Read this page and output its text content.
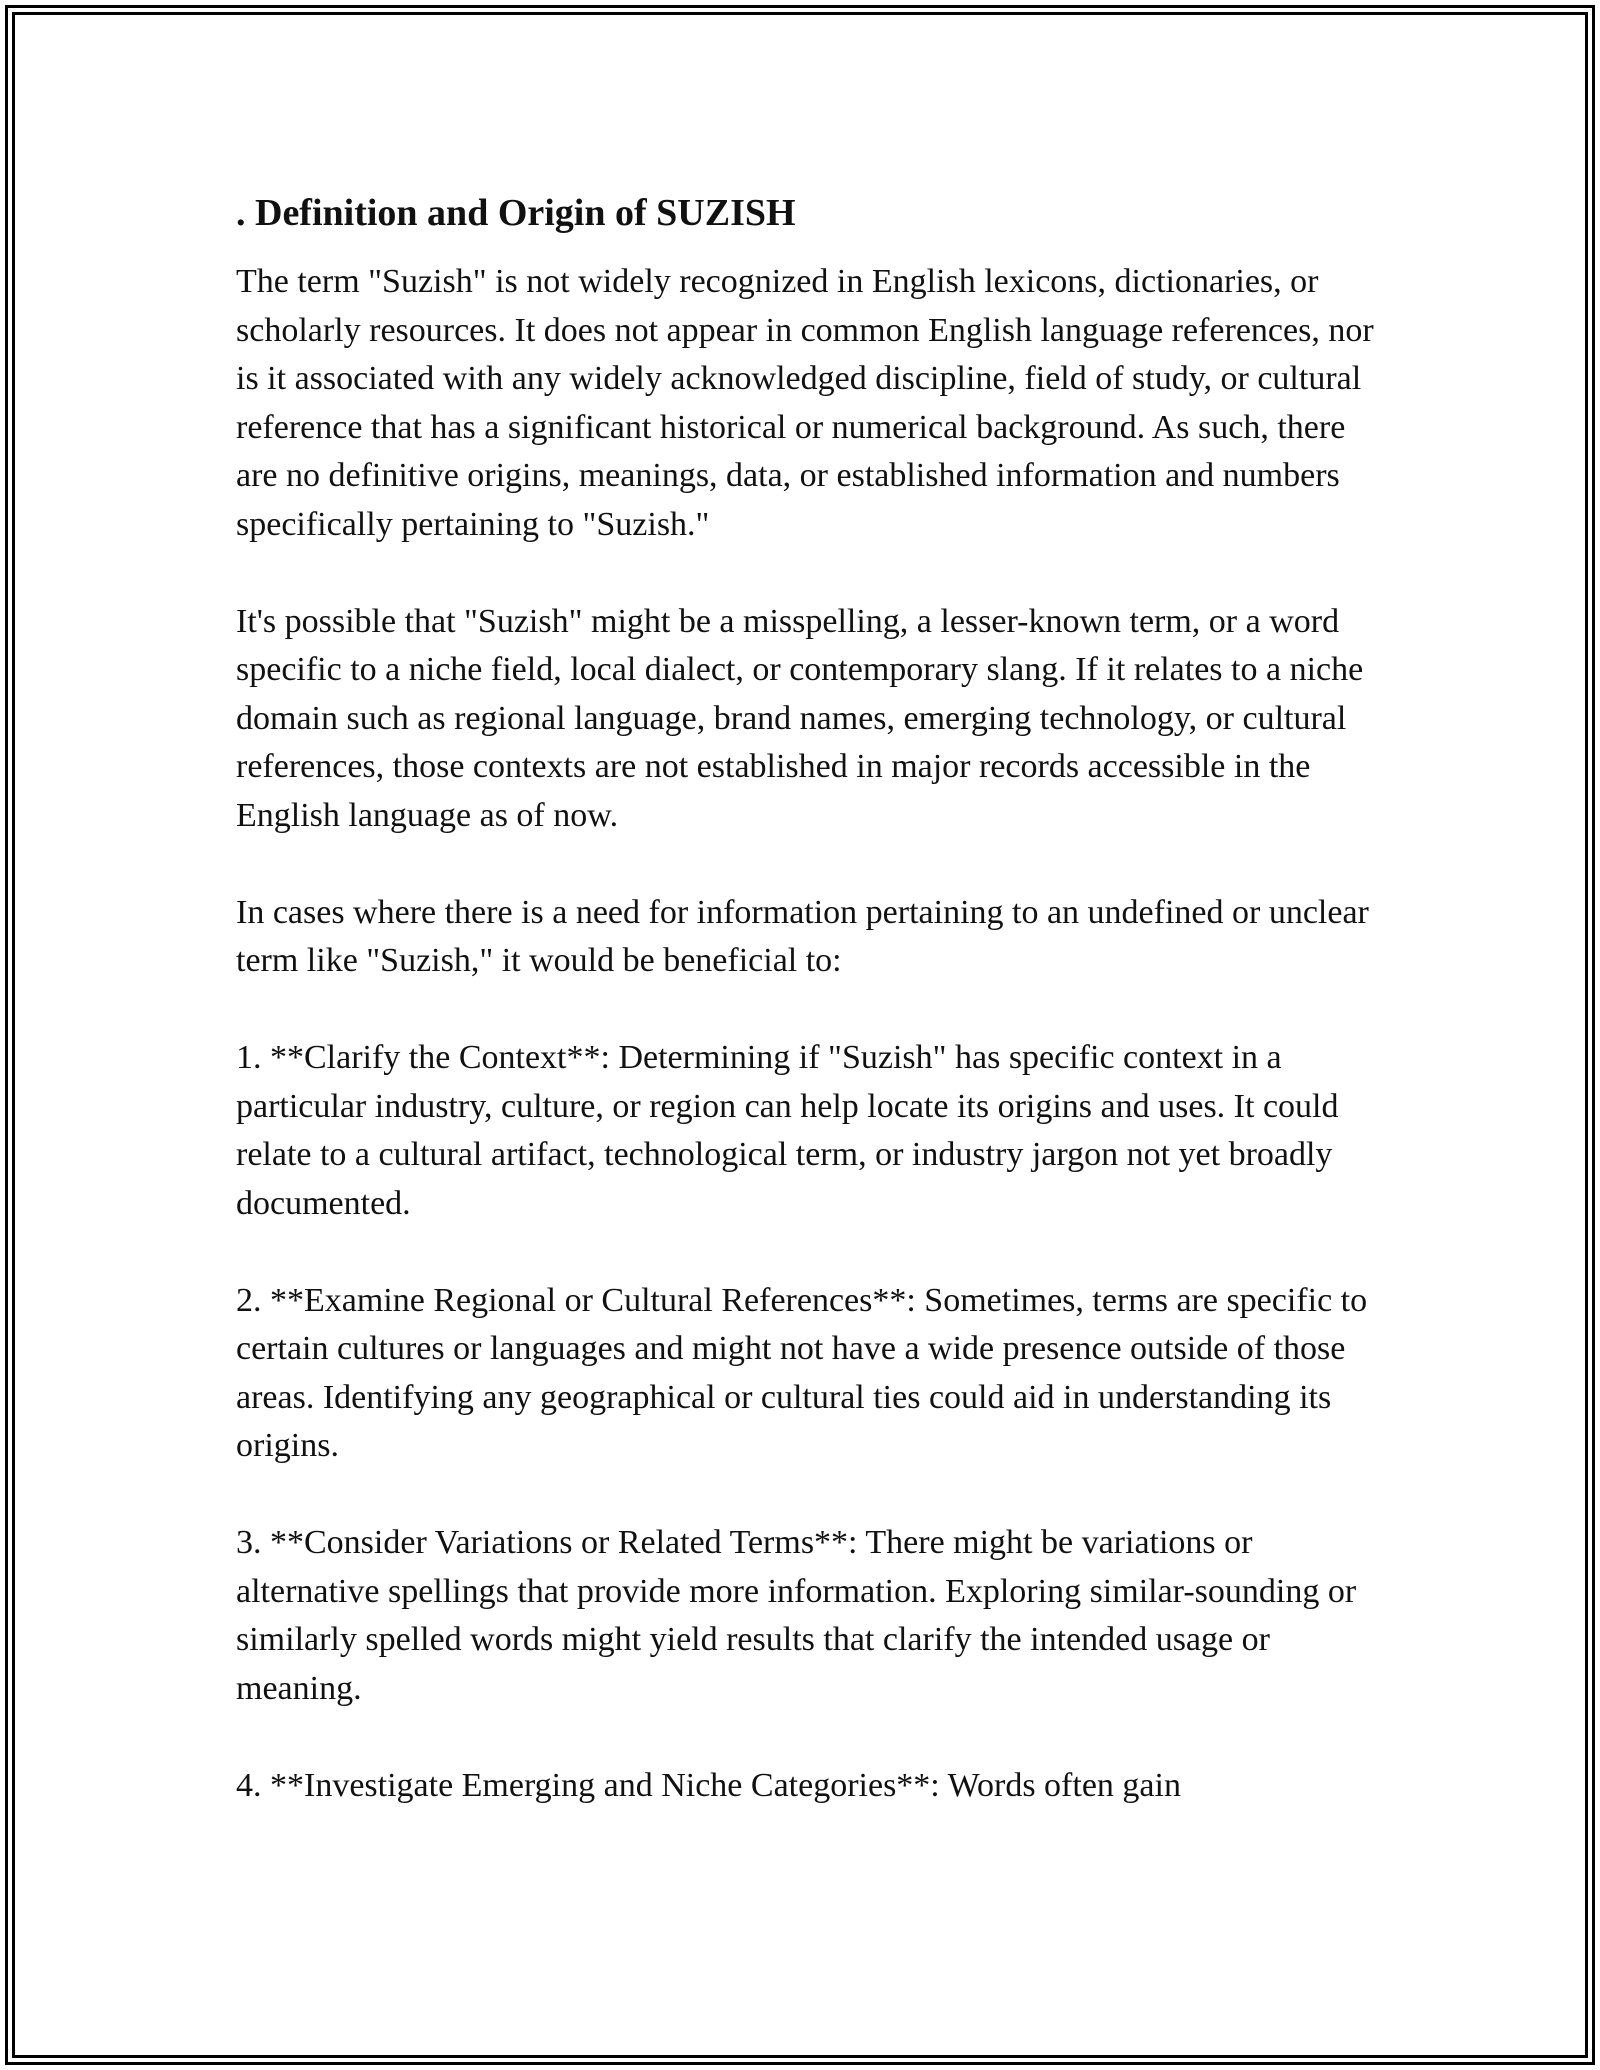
. Definition and Origin of SUZISH

The term "Suzish" is not widely recognized in English lexicons, dictionaries, or scholarly resources. It does not appear in common English language references, nor is it associated with any widely acknowledged discipline, field of study, or cultural reference that has a significant historical or numerical background. As such, there are no definitive origins, meanings, data, or established information and numbers specifically pertaining to "Suzish."

It's possible that "Suzish" might be a misspelling, a lesser-known term, or a word specific to a niche field, local dialect, or contemporary slang. If it relates to a niche domain such as regional language, brand names, emerging technology, or cultural references, those contexts are not established in major records accessible in the English language as of now.

In cases where there is a need for information pertaining to an undefined or unclear term like "Suzish," it would be beneficial to:

1. **Clarify the Context**: Determining if "Suzish" has specific context in a particular industry, culture, or region can help locate its origins and uses. It could relate to a cultural artifact, technological term, or industry jargon not yet broadly documented.

2. **Examine Regional or Cultural References**: Sometimes, terms are specific to certain cultures or languages and might not have a wide presence outside of those areas. Identifying any geographical or cultural ties could aid in understanding its origins.

3. **Consider Variations or Related Terms**: There might be variations or alternative spellings that provide more information. Exploring similar-sounding or similarly spelled words might yield results that clarify the intended usage or meaning.

4. **Investigate Emerging and Niche Categories**: Words often gain
